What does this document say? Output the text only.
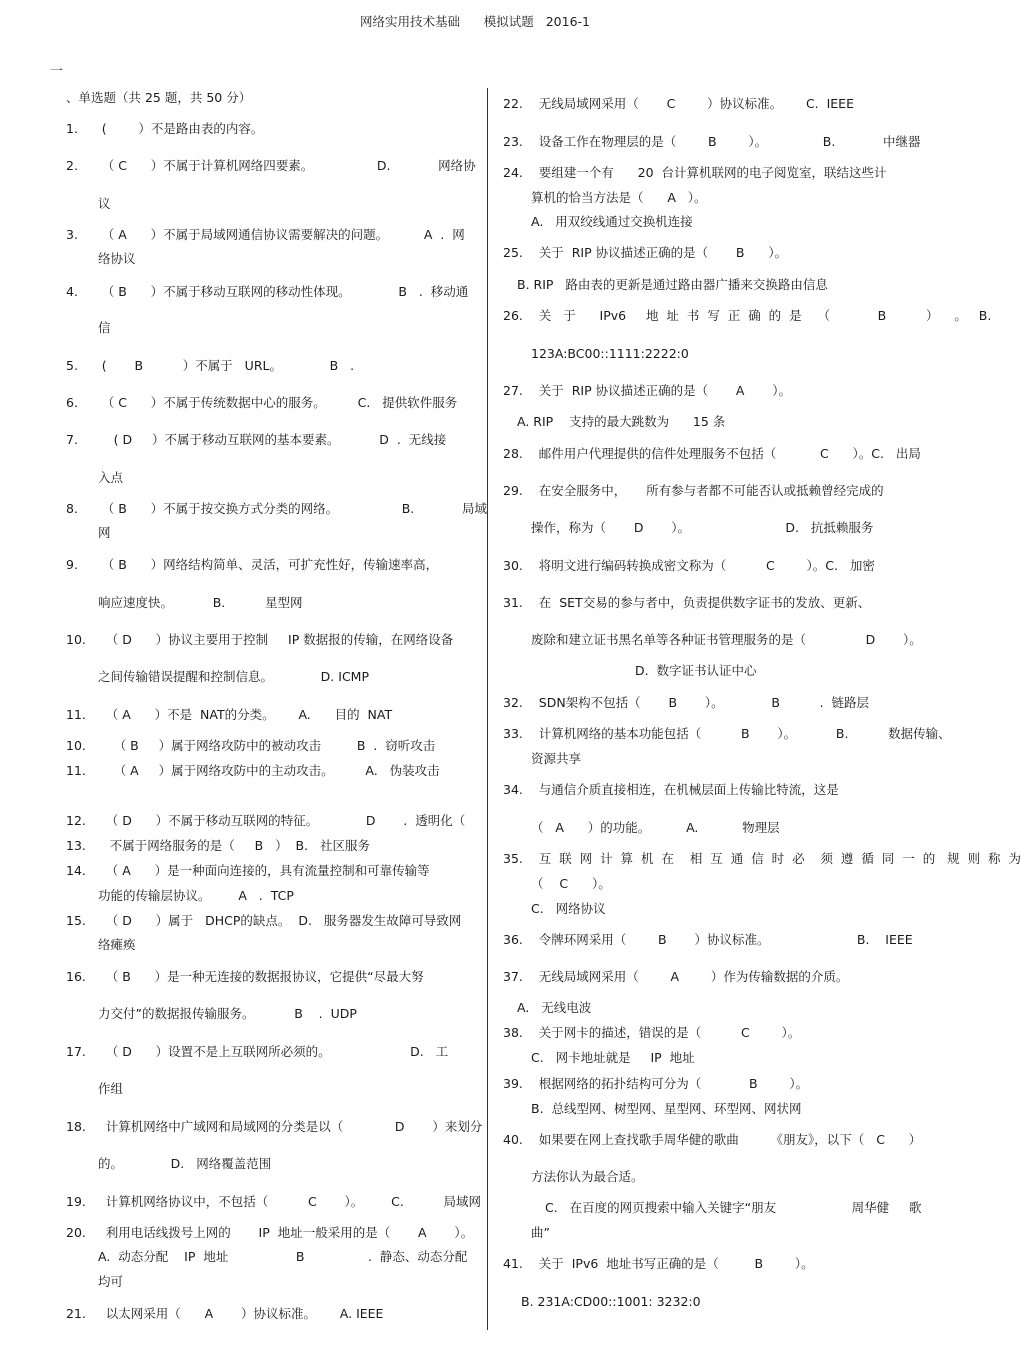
网络实用技术基础      模拟试题   2016-1
一
、单选题（共 25 题，共 50 分）
1.      (        ）不是路由表的内容。
2.      （ C      ）不属于计算机网络四要素。                D.            网络协
议
3.      （ A      ）不属于局域网通信协议需要解决的问题。         A  .  网
络协议
4.      （ B      ）不属于移动互联网的移动性体现。            B   .  移动通
信
5.      (       B          ）不属于   URL。            B   .
6.      （ C      ）不属于传统数据中心的服务。        C.   提供软件服务
7.         ( D     ）不属于移动互联网的基本要素。          D  .  无线接
入点
8.      （ B      ）不属于按交换方式分类的网络。                B.            局域
网
9.      （ B      ）网络结构简单、灵活，可扩充性好，传输速率高，
响应速度快。          B.          星型网
10.     （ D      ）协议主要用于控制     IP 数据报的传输，在网络设备
之间传输错误提醒和控制信息。            D. ICMP
11.     （ A      ）不是  NAT的分类。      A.      目的  NAT
10.       （ B     ）属于网络攻防中的被动攻击         B  .  窃听攻击
11.       （ A     ）属于网络攻防中的主动攻击。        A.   伪装攻击
12.     （ D      ）不属于移动互联网的特征。            D       .  透明化（
13.      不属于网络服务的是（     B   ）  B.   社区服务
14.     （ A      ）是一种面向连接的，具有流量控制和可靠传输等
功能的传输层协议。       A   .  TCP
15.     （ D      ）属于   DHCP的缺点。  D.   服务器发生故障可导致网
络瘫痪
16.     （ B      ）是一种无连接的数据报协议，它提供“尽最大努
力交付”的数据报传输服务。          B    .  UDP
17.     （ D      ）设置不是上互联网所必须的。                    D.   工
作组
18.     计算机网络中广域网和局域网的分类是以（             D       ）来划分
的。            D.   网络覆盖范围
19.     计算机网络协议中，不包括（          C       ）。       C.          局域网
20.     利用电话线拨号上网的       IP  地址一般采用的是（       A       ）。
A.  动态分配    IP  地址                 B                .  静态、动态分配
均可
21.     以太网采用（      A       ）协议标准。      A. IEEE
22.    无线局域网采用（       C        ）协议标准。      C.  IEEE
23.    设备工作在物理层的是（        B        ）。              B.            中继器
24.    要组建一个有      20  台计算机联网的电子阅览室，联结这些计
算机的恰当方法是（      A   ）。
A.   用双绞线通过交换机连接
25.    关于  RIP 协议描述正确的是（       B      ）。
B. RIP   路由表的更新是通过路由器广播来交换路由信息
26.    关   于      IPv6     地  址  书  写  正  确  的  是    （            B          ）    。   B.
123A:BC00::1111:2222:0
27.    关于  RIP 协议描述正确的是（       A       ）。
A. RIP    支持的最大跳数为      15 条
28.    邮件用户代理提供的信件处理服务不包括（           C      ）。C.   出局
29.    在安全服务中，     所有参与者都不可能否认或抵赖曾经完成的
操作，称为（       D       ）。                        D.   抗抵赖服务
30.    将明文进行编码转换成密文称为（          C        ）。C.   加密
31.    在  SET交易的参与者中，负责提供数字证书的发放、更新、
废除和建立证书黑名单等各种证书管理服务的是（               D       ）。
D.  数字证书认证中心
32.    SDN架构不包括（       B       ）。            B          .  链路层
33.    计算机网络的基本功能包括（          B       ）。          B.          数据传输、
资源共享
34.    与通信介质直接相连，在机械层面上传输比特流，这是
（   A      ）的功能。         A.           物理层
35.    互  联  网  计  算  机  在    相  互  通  信  时  必    须  遵  循  同  一  的   规  则  称  为
（    C      ）。
C.   网络协议
36.    令牌环网采用（        B       ）协议标准。                      B.    IEEE
37.    无线局域网采用（        A        ）作为传输数据的介质。
A.   无线电波
38.    关于网卡的描述，错误的是（          C        ）。
C.   网卡地址就是     IP  地址
39.    根据网络的拓扑结构可分为（            B        ）。
B.  总线型网、树型网、星型网、环型网、网状网
40.    如果要在网上查找歌手周华健的歌曲        《朋友》，以下（   C      ）
方法你认为最合适。
C.   在百度的网页搜索中输入关键字“朋友                   周华健     歌
曲”
41.    关于  IPv6  地址书写正确的是（         B        ）。
B. 231A:CD00::1001: 3232:0
